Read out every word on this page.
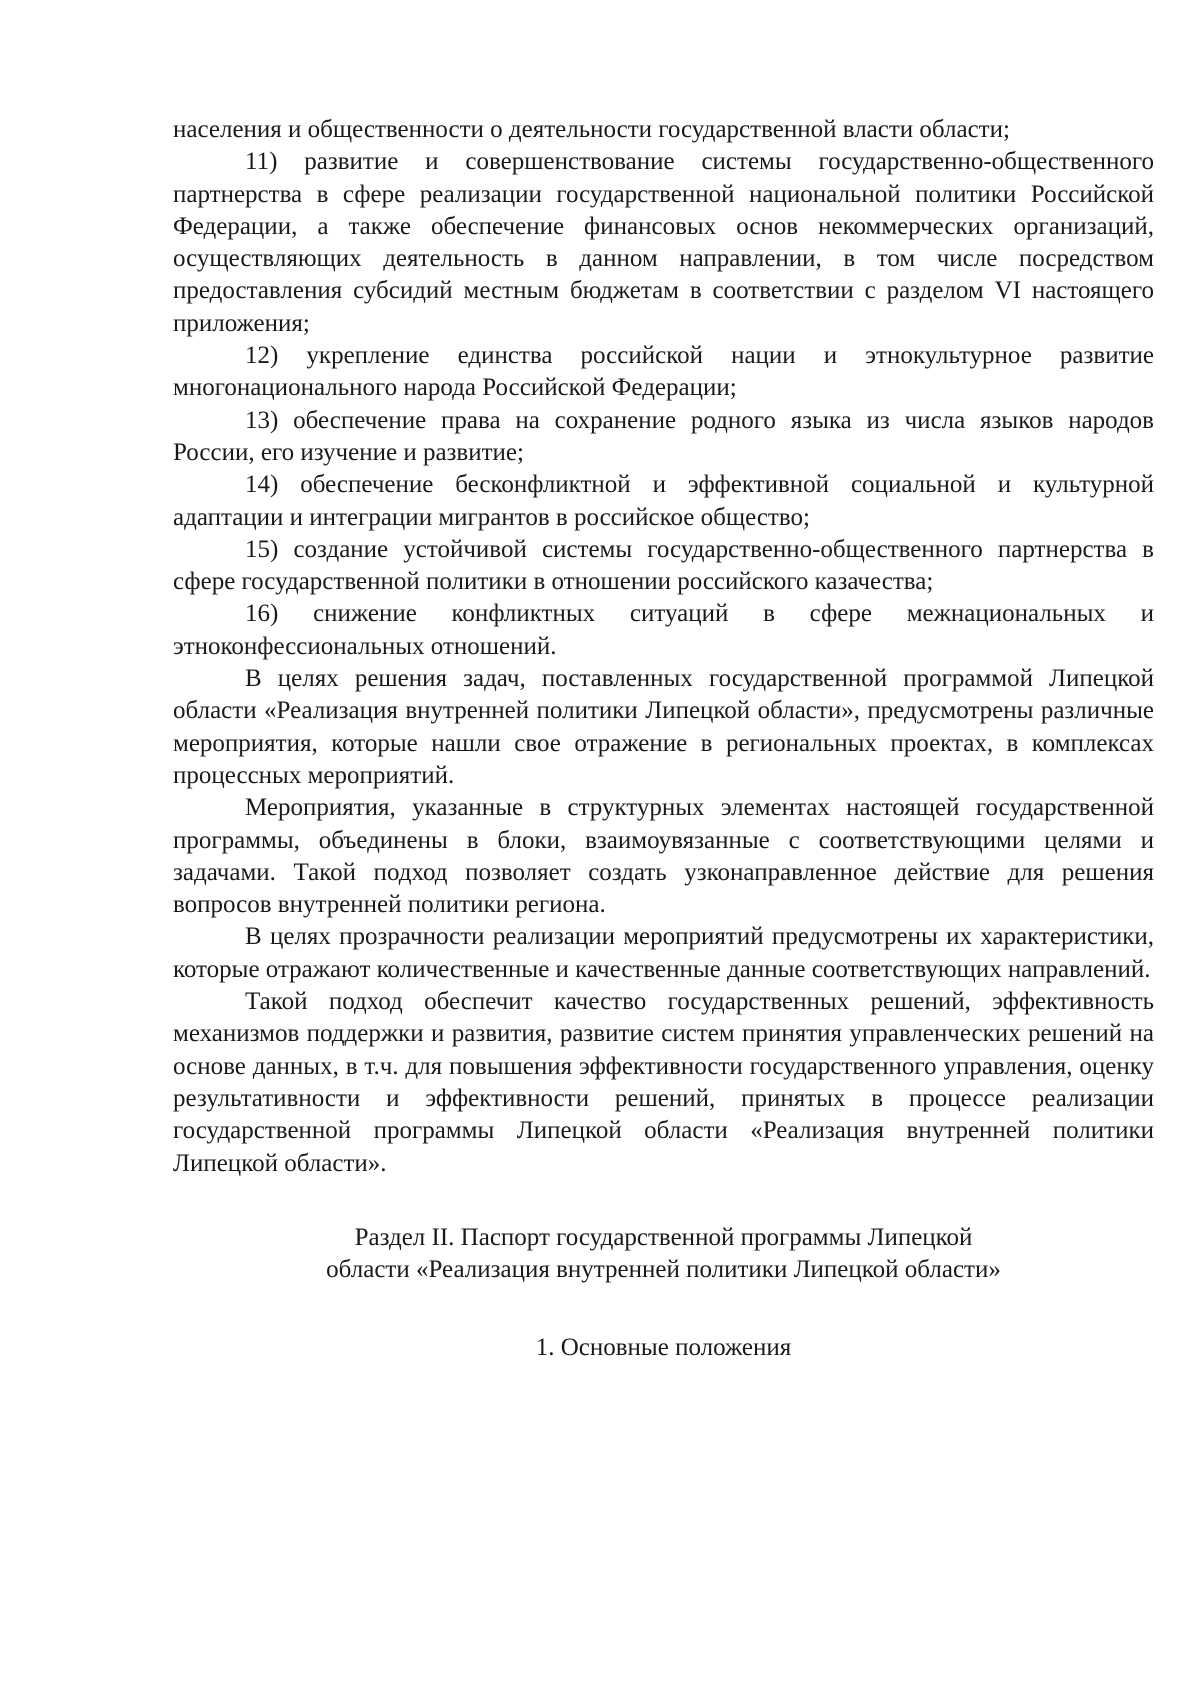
населения и общественности о деятельности государственной власти области;

11) развитие и совершенствование системы государственно-общественного партнерства в сфере реализации государственной национальной политики Российской Федерации, а также обеспечение финансовых основ некоммерческих организаций, осуществляющих деятельность в данном направлении, в том числе посредством предоставления субсидий местным бюджетам в соответствии с разделом VI настоящего приложения;

12) укрепление единства российской нации и этнокультурное развитие многонационального народа Российской Федерации;

13) обеспечение права на сохранение родного языка из числа языков народов России, его изучение и развитие;

14) обеспечение бесконфликтной и эффективной социальной и культурной адаптации и интеграции мигрантов в российское общество;

15) создание устойчивой системы государственно-общественного партнерства в сфере государственной политики в отношении российского казачества;

16) снижение конфликтных ситуаций в сфере межнациональных и этноконфессиональных отношений.

В целях решения задач, поставленных государственной программой Липецкой области «Реализация внутренней политики Липецкой области», предусмотрены различные мероприятия, которые нашли свое отражение в региональных проектах, в комплексах процессных мероприятий.

Мероприятия, указанные в структурных элементах настоящей государственной программы, объединены в блоки, взаимоувязанные с соответствующими целями и задачами. Такой подход позволяет создать узконаправленное действие для решения вопросов внутренней политики региона.

В целях прозрачности реализации мероприятий предусмотрены их характеристики, которые отражают количественные и качественные данные соответствующих направлений.

Такой подход обеспечит качество государственных решений, эффективность механизмов поддержки и развития, развитие систем принятия управленческих решений на основе данных, в т.ч. для повышения эффективности государственного управления, оценку результативности и эффективности решений, принятых в процессе реализации государственной программы Липецкой области «Реализация внутренней политики Липецкой области».

Раздел II. Паспорт государственной программы Липецкой
области «Реализация внутренней политики Липецкой области»
1. Основные положения
